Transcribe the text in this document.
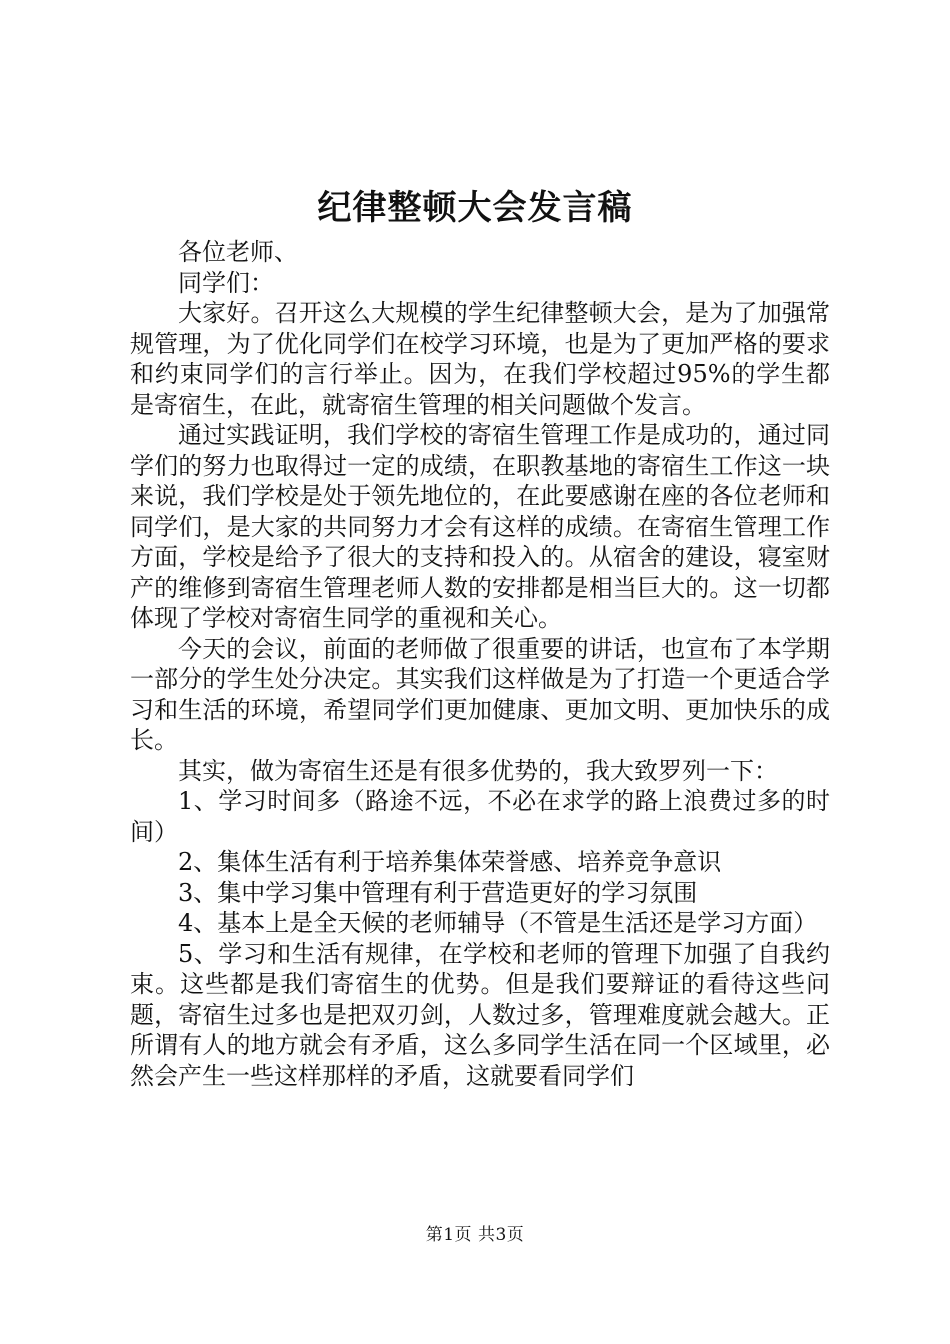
纪律整顿大会发言稿

各位老师、

同学们：

大家好。召开这么大规模的学生纪律整顿大会，是为了加强常规管理，为了优化同学们在校学习环境，也是为了更加严格的要求和约束同学们的言行举止。因为，在我们学校超过95%的学生都是寄宿生，在此，就寄宿生管理的相关问题做个发言。

通过实践证明，我们学校的寄宿生管理工作是成功的，通过同学们的努力也取得过一定的成绩，在职教基地的寄宿生工作这一块来说，我们学校是处于领先地位的，在此要感谢在座的各位老师和同学们，是大家的共同努力才会有这样的成绩。在寄宿生管理工作方面，学校是给予了很大的支持和投入的。从宿舍的建设，寝室财产的维修到寄宿生管理老师人数的安排都是相当巨大的。这一切都体现了学校对寄宿生同学的重视和关心。

今天的会议，前面的老师做了很重要的讲话，也宣布了本学期一部分的学生处分决定。其实我们这样做是为了打造一个更适合学习和生活的环境，希望同学们更加健康、更加文明、更加快乐的成长。

其实，做为寄宿生还是有很多优势的，我大致罗列一下：

1、学习时间多（路途不远，不必在求学的路上浪费过多的时间）

2、集体生活有利于培养集体荣誉感、培养竞争意识

3、集中学习集中管理有利于营造更好的学习氛围

4、基本上是全天候的老师辅导（不管是生活还是学习方面）

5、学习和生活有规律，在学校和老师的管理下加强了自我约束。这些都是我们寄宿生的优势。但是我们要辩证的看待这些问题，寄宿生过多也是把双刃剑，人数过多，管理难度就会越大。正所谓有人的地方就会有矛盾，这么多同学生活在同一个区域里，必然会产生一些这样那样的矛盾，这就要看同学们

第1页 共3页
